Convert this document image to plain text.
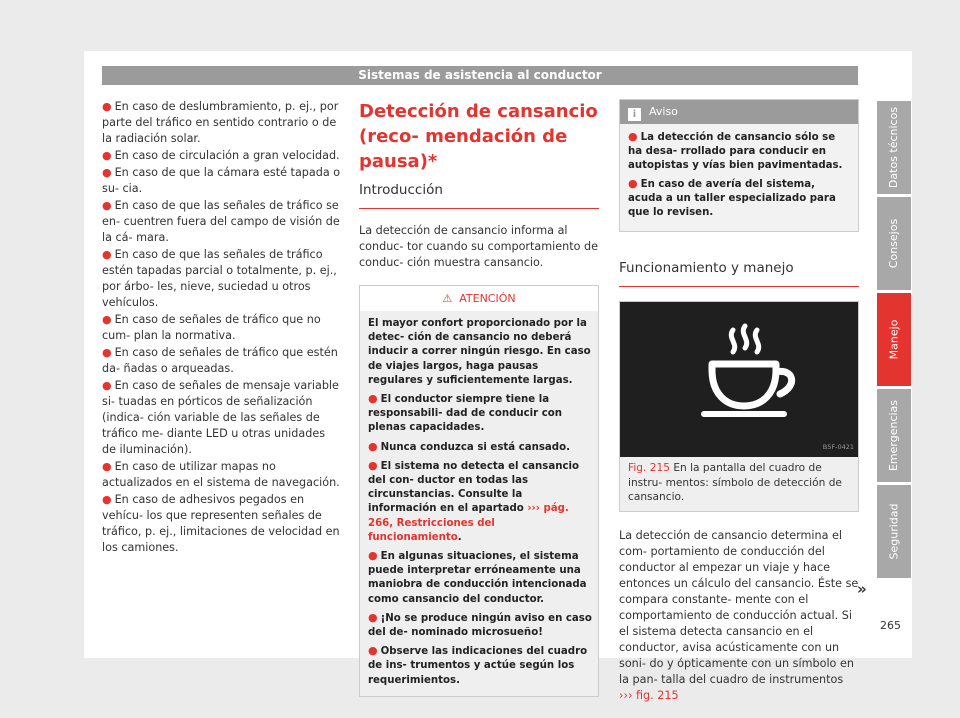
Sistemas de asistencia al conductor
● En caso de deslumbramiento, p. ej., por parte del tráfico en sentido contrario o de la radiación solar.
● En caso de circulación a gran velocidad.
● En caso de que la cámara esté tapada o su- cia.
● En caso de que las señales de tráfico se en- cuentren fuera del campo de visión de la cá- mara.
● En caso de que las señales de tráfico estén tapadas parcial o totalmente, p. ej., por árbo- les, nieve, suciedad u otros vehículos.
● En caso de señales de tráfico que no cum- plan la normativa.
● En caso de señales de tráfico que estén da- ñadas o arqueadas.
● En caso de señales de mensaje variable si- tuadas en pórticos de señalización (indica- ción variable de las señales de tráfico me- diante LED u otras unidades de iluminación).
● En caso de utilizar mapas no actualizados en el sistema de navegación.
● En caso de adhesivos pegados en vehícu- los que representen señales de tráfico, p. ej., limitaciones de velocidad en los camiones.
Detección de cansancio (reco- mendación de pausa)*
Introducción

La detección de cansancio informa al conduc- tor cuando su comportamiento de conduc- ción muestra cansancio.

⚠ ATENCIÓN
El mayor confort proporcionado por la detec- ción de cansancio no deberá inducir a correr ningún riesgo. En caso de viajes largos, haga pausas regulares y suficientemente largas.
● El conductor siempre tiene la responsabili- dad de conducir con plenas capacidades.
● Nunca conduzca si está cansado.
● El sistema no detecta el cansancio del con- ductor en todas las circunstancias. Consulte la información en el apartado ››› pág. 266, Restricciones del funcionamiento.
● En algunas situaciones, el sistema puede interpretar erróneamente una maniobra de conducción intencionada como cansancio del conductor.
● ¡No se produce ningún aviso en caso del de- nominado microsueño!
● Observe las indicaciones del cuadro de ins- trumentos y actúe según los requerimientos.
i Aviso
● La detección de cansancio sólo se ha desa- rrollado para conducir en autopistas y vías bien pavimentadas.
● En caso de avería del sistema, acuda a un taller especializado para que lo revisen.
Funcionamiento y manejo
B5F-0421
Fig. 215 En la pantalla del cuadro de instru- mentos: símbolo de detección de cansancio.

La detección de cansancio determina el com- portamiento de conducción del conductor al empezar un viaje y hace entonces un cálculo del cansancio. Éste se compara constante- mente con el comportamiento de conducción actual. Si el sistema detecta cansancio en el conductor, avisa acústicamente con un soni- do y ópticamente con un símbolo en la pan- talla del cuadro de instrumentos ››› fig. 215

»
Datos técnicos
Consejos
Manejo
Emergencias
Seguridad
265
